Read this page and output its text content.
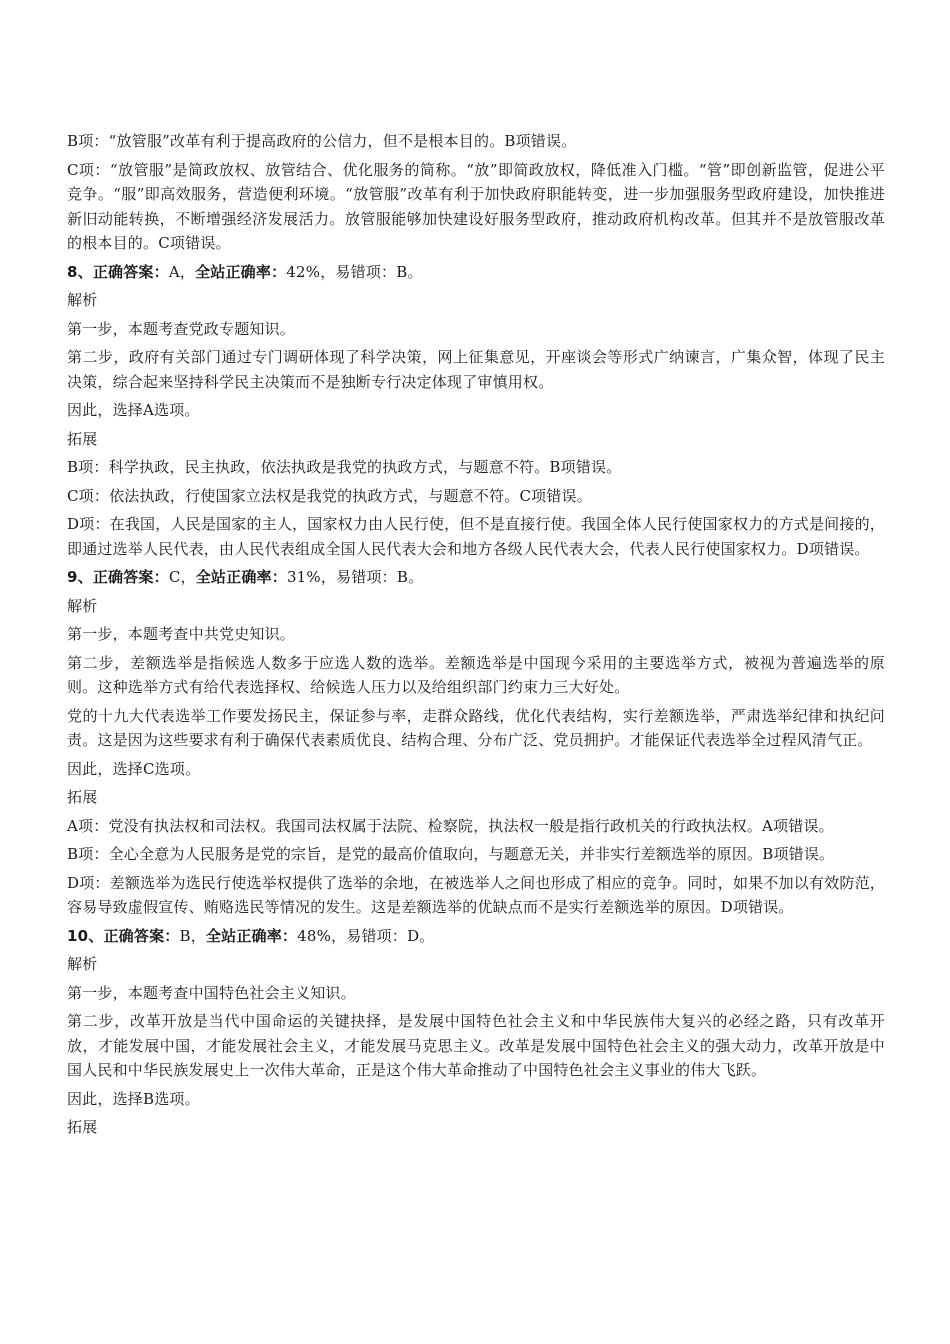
B项：“放管服”改革有利于提高政府的公信力，但不是根本目的。B项错误。

C项：“放管服”是简政放权、放管结合、优化服务的简称。“放”即简政放权，降低准入门槛。“管”即创新监管，促进公平竞争。“服”即高效服务，营造便利环境。“放管服”改革有利于加快政府职能转变，进一步加强服务型政府建设，加快推进新旧动能转换，不断增强经济发展活力。放管服能够加快建设好服务型政府，推动政府机构改革。但其并不是放管服改革的根本目的。C项错误。

8、正确答案：A，全站正确率：42%，易错项：B。

解析

第一步，本题考查党政专题知识。

第二步，政府有关部门通过专门调研体现了科学决策，网上征集意见，开座谈会等形式广纳谏言，广集众智，体现了民主决策，综合起来坚持科学民主决策而不是独断专行决定体现了审慎用权。

因此，选择A选项。

拓展

B项：科学执政，民主执政，依法执政是我党的执政方式，与题意不符。B项错误。

C项：依法执政，行使国家立法权是我党的执政方式，与题意不符。C项错误。

D项：在我国，人民是国家的主人，国家权力由人民行使，但不是直接行使。我国全体人民行使国家权力的方式是间接的，即通过选举人民代表，由人民代表组成全国人民代表大会和地方各级人民代表大会，代表人民行使国家权力。D项错误。

9、正确答案：C，全站正确率：31%，易错项：B。

解析

第一步，本题考查中共党史知识。

第二步，差额选举是指候选人数多于应选人数的选举。差额选举是中国现今采用的主要选举方式，被视为普遍选举的原则。这种选举方式有给代表选择权、给候选人压力以及给组织部门约束力三大好处。

党的十九大代表选举工作要发扬民主，保证参与率，走群众路线，优化代表结构，实行差额选举，严肃选举纪律和执纪问责。这是因为这些要求有利于确保代表素质优良、结构合理、分布广泛、党员拥护。才能保证代表选举全过程风清气正。

因此，选择C选项。

拓展

A项：党没有执法权和司法权。我国司法权属于法院、检察院，执法权一般是指行政机关的行政执法权。A项错误。

B项：全心全意为人民服务是党的宗旨，是党的最高价值取向，与题意无关，并非实行差额选举的原因。B项错误。

D项：差额选举为选民行使选举权提供了选举的余地，在被选举人之间也形成了相应的竞争。同时，如果不加以有效防范，容易导致虚假宣传、贿赂选民等情况的发生。这是差额选举的优缺点而不是实行差额选举的原因。D项错误。

10、正确答案：B，全站正确率：48%，易错项：D。

解析

第一步，本题考查中国特色社会主义知识。

第二步，改革开放是当代中国命运的关键抉择，是发展中国特色社会主义和中华民族伟大复兴的必经之路，只有改革开放，才能发展中国，才能发展社会主义，才能发展马克思主义。改革是发展中国特色社会主义的强大动力，改革开放是中国人民和中华民族发展史上一次伟大革命，正是这个伟大革命推动了中国特色社会主义事业的伟大飞跃。

因此，选择B选项。

拓展
